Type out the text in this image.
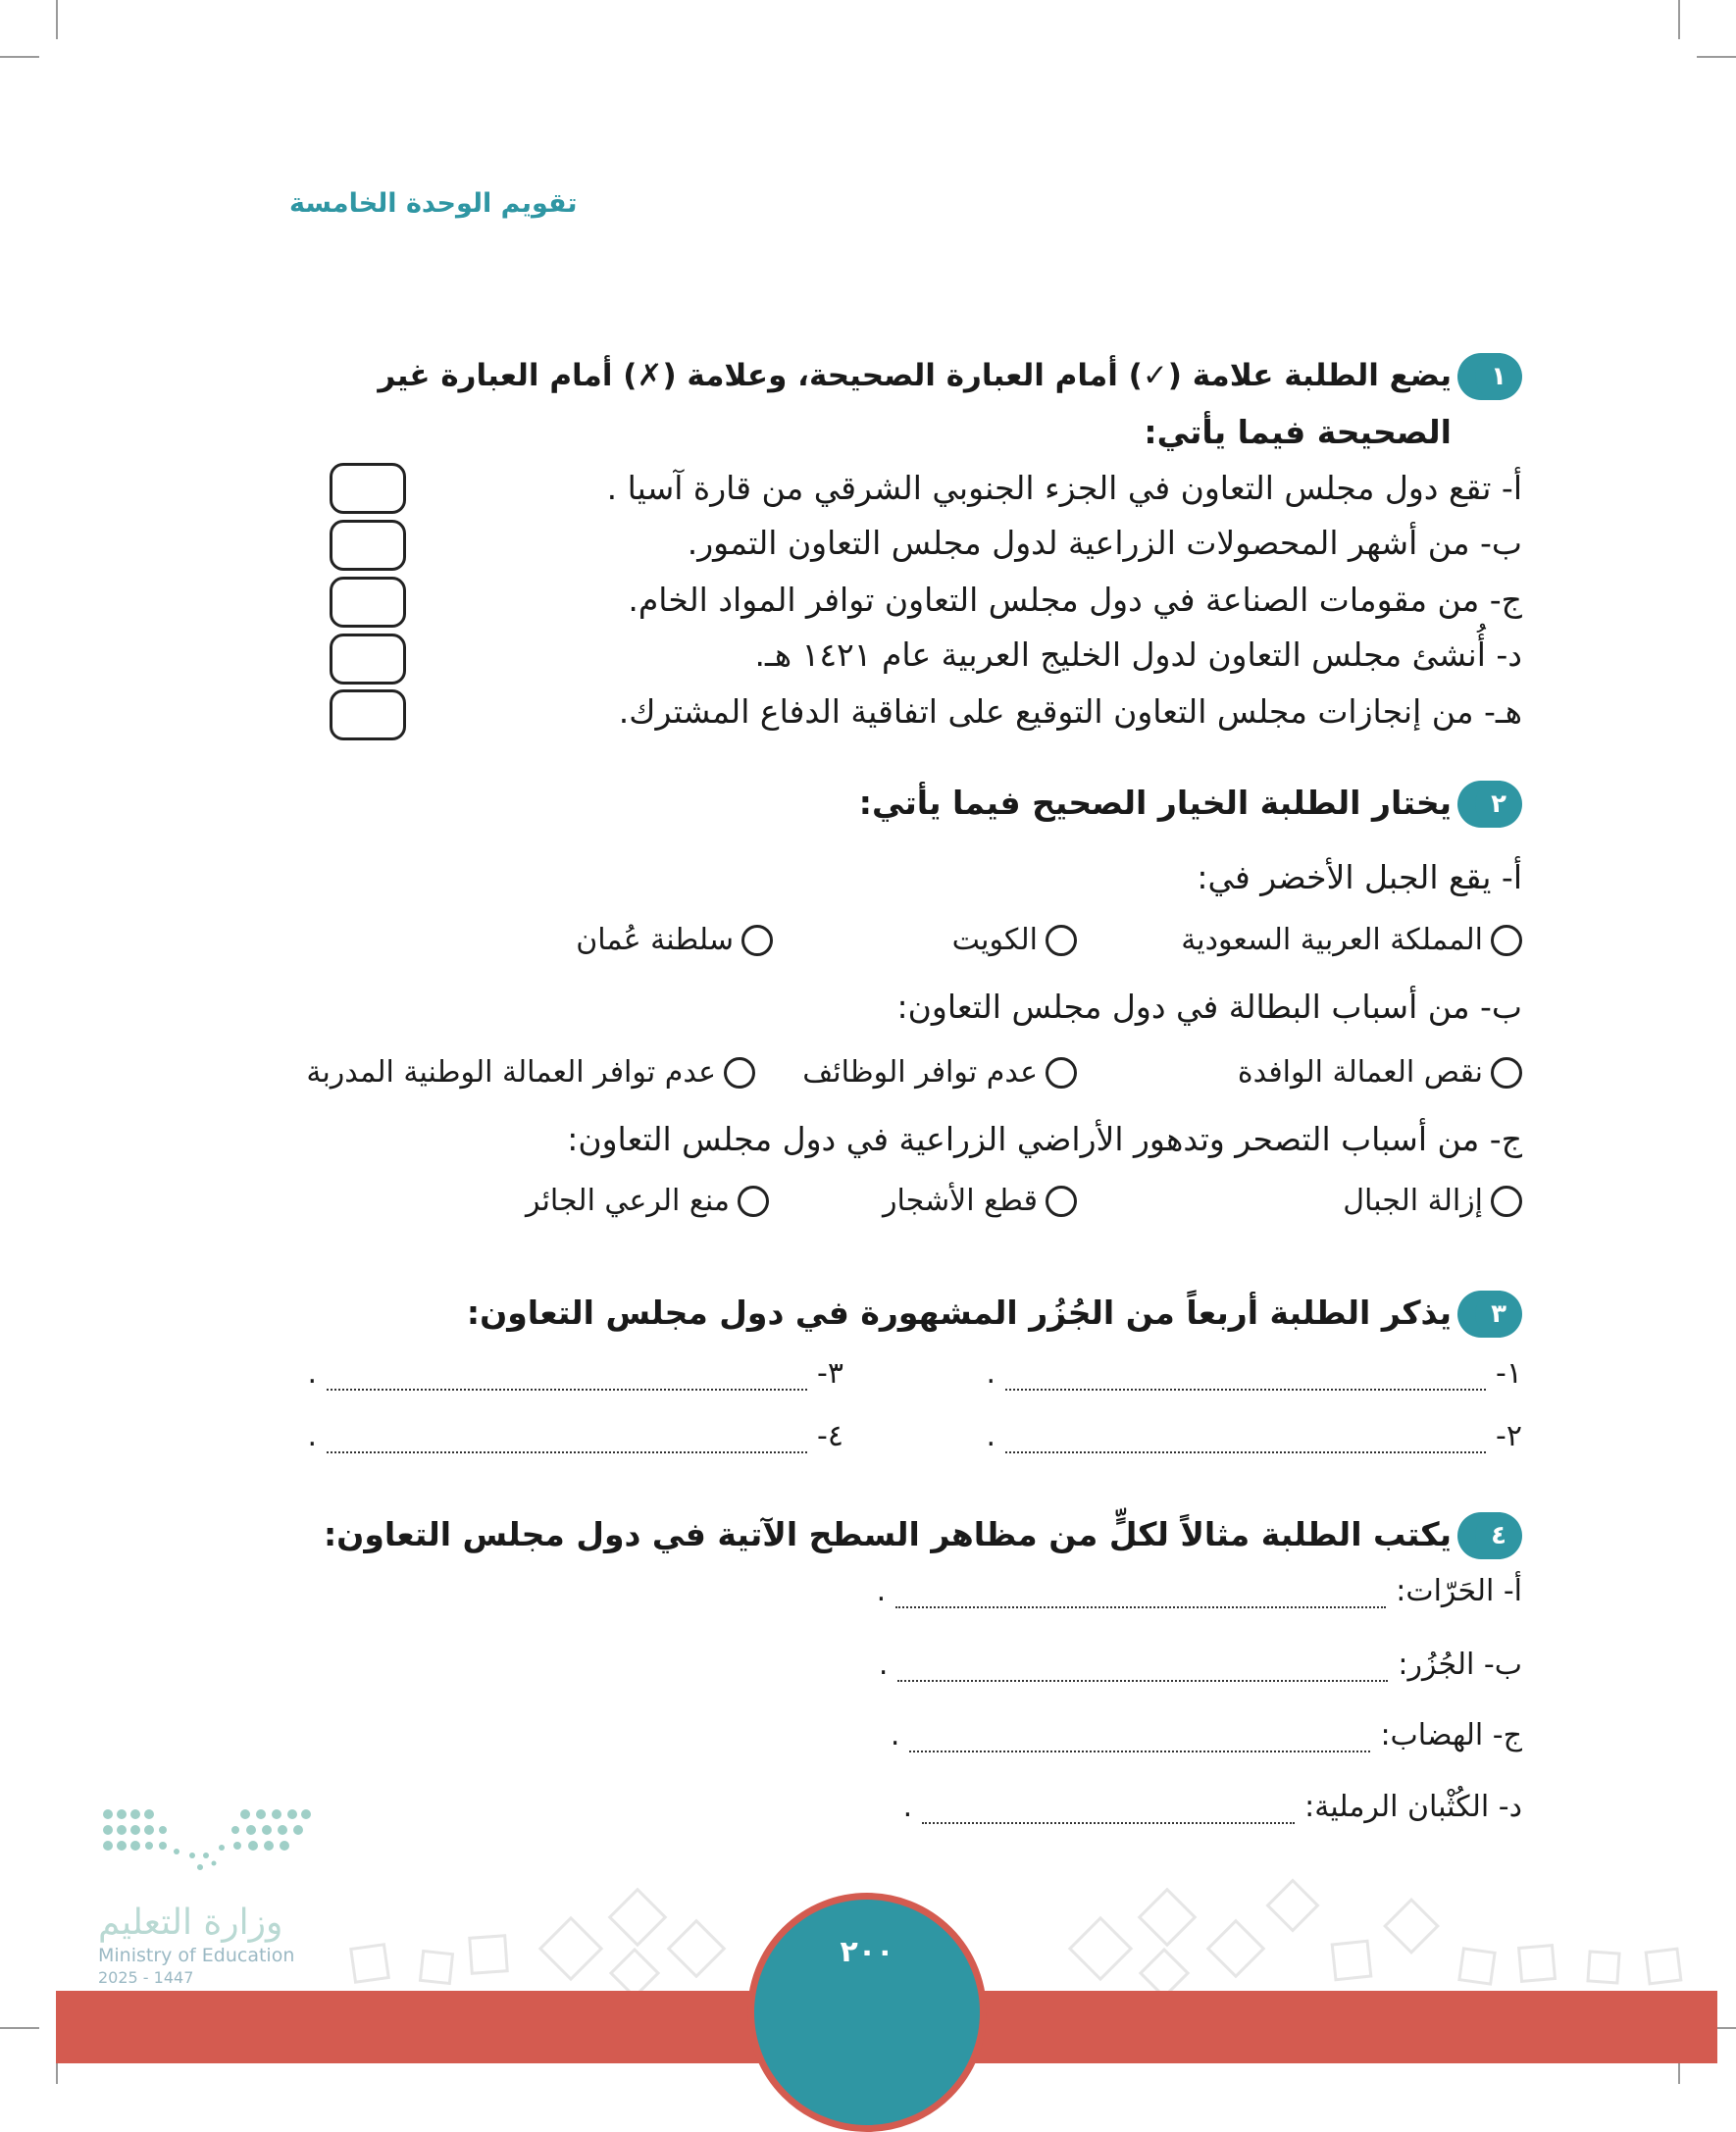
تقويم الوحدة الخامسة
١
يضع الطلبة علامة (✓) أمام العبارة الصحيحة، وعلامة (✗) أمام العبارة غير
الصحيحة فيما يأتي:
أ- تقع دول مجلس التعاون في الجزء الجنوبي الشرقي من قارة آسيا .
ب- من أشهر المحصولات الزراعية لدول مجلس التعاون التمور.
ج- من مقومات الصناعة في دول مجلس التعاون توافر المواد الخام.
د- أُنشئ مجلس التعاون لدول الخليج العربية عام ١٤٢١ هـ.
هـ- من إنجازات مجلس التعاون التوقيع على اتفاقية الدفاع المشترك.
٢
يختار الطلبة الخيار الصحيح فيما يأتي:
أ- يقع الجبل الأخضر في:
المملكة العربية السعودية
الكويت
سلطنة عُمان
ب- من أسباب البطالة في دول مجلس التعاون:
نقص العمالة الوافدة
عدم توافر الوظائف
عدم توافر العمالة الوطنية المدربة
ج- من أسباب التصحر وتدهور الأراضي الزراعية في دول مجلس التعاون:
إزالة الجبال
قطع الأشجار
منع الرعي الجائر
٣
يذكر الطلبة أربعاً من الجُزُر المشهورة في دول مجلس التعاون:
١-
.
٢-
.
٣-
.
٤-
.
٤
يكتب الطلبة مثالاً لكلٍّ من مظاهر السطح الآتية في دول مجلس التعاون:
أ- الحَرّات:
.
ب- الجُزُر:
.
ج- الهضاب:
.
د- الكُثْبان الرملية:
.
وزارة التعليم
Ministry of Education
2025 - 1447
٢٠٠
